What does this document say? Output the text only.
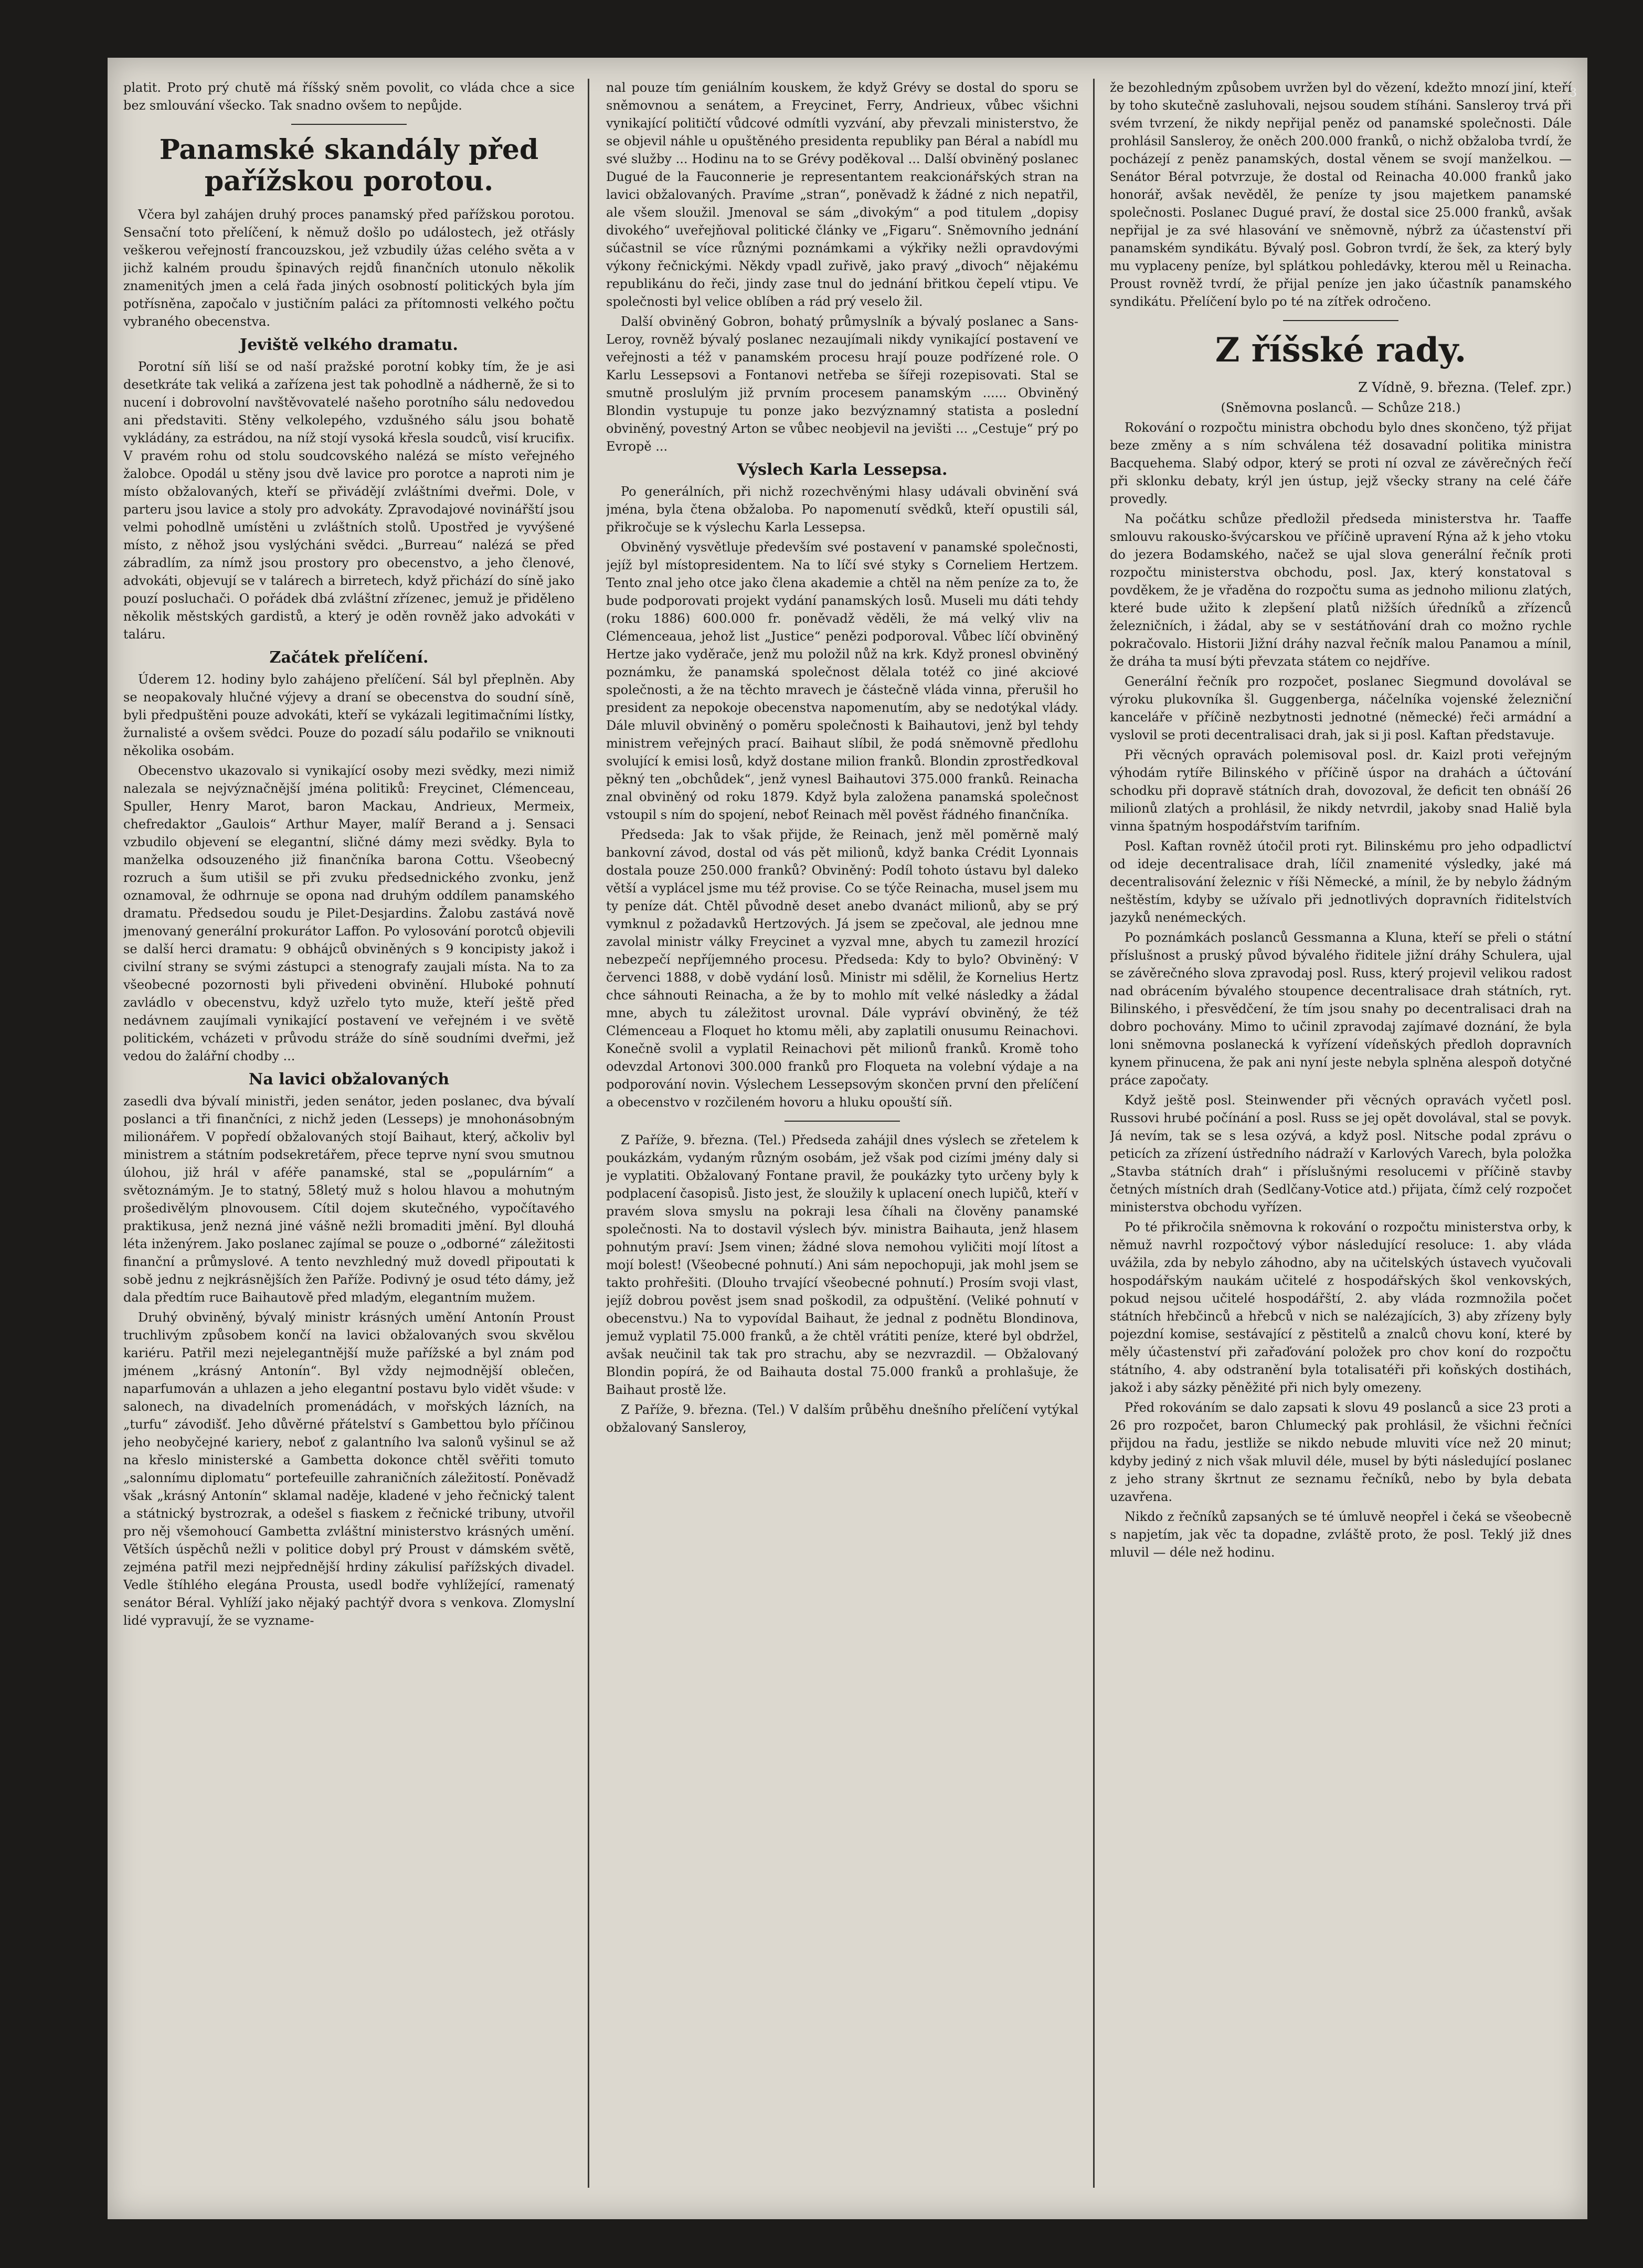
3

platit. Proto prý chutě má říšský sněm povolit, co vláda chce a sice bez smlouvání všecko. Tak snadno ovšem to nepůjde.

Panamské skandály před pařížskou porotou.

Včera byl zahájen druhý proces panamský před pařížskou porotou. Sensační toto přelíčení, k němuž došlo po událostech, jež otřásly veškerou veřejností francouzskou, jež vzbudily úžas celého světa a v jichž kalném proudu špinavých rejdů finančních utonulo několik znamenitých jmen a celá řada jiných osobností politických byla jím potřísněna, započalo v justičním paláci za přítomnosti velkého počtu vybraného obecenstva.

Jeviště velkého dramatu.

Porotní síň liší se od naší pražské porotní kobky tím, že je asi desetkráte tak veliká a zařízena jest tak pohodlně a nádherně, že si to nucení i dobrovolní navštěvovatelé našeho porotního sálu nedovedou ani představiti. Stěny velkolepého, vzdušného sálu jsou bohatě vykládány, za estrádou, na níž stojí vysoká křesla soudců, visí krucifix. V pravém rohu od stolu soudcovského nalézá se místo veřejného žalobce. Opodál u stěny jsou dvě lavice pro porotce a naproti nim je místo obžalovaných, kteří se přivádějí zvláštními dveřmi. Dole, v parteru jsou lavice a stoly pro advokáty. Zpravodajové novinářští jsou velmi pohodlně umístěni u zvláštních stolů. Upostřed je vyvýšené místo, z něhož jsou vyslýcháni svědci. „Burreau“ nalézá se před zábradlím, za nímž jsou prostory pro obecenstvo, a jeho členové, advokáti, objevují se v talárech a birretech, když přichází do síně jako pouzí posluchači. O pořádek dbá zvláštní zřízenec, jemuž je přiděleno několik městských gardistů, a který je oděn rovněž jako advokáti v taláru.

Začátek přelíčení.

Úderem 12. hodiny bylo zahájeno přelíčení. Sál byl přeplněn. Aby se neopakovaly hlučné výjevy a draní se obecenstva do soudní síně, byli předpuštěni pouze advokáti, kteří se vykázali legitimačními lístky, žurnalisté a ovšem svědci. Pouze do pozadí sálu podařilo se vniknouti několika osobám.

Obecenstvo ukazovalo si vynikající osoby mezi svědky, mezi nimiž nalezala se nejvýznačnější jména politiků: Freycinet, Clémenceau, Spuller, Henry Marot, baron Mackau, Andrieux, Mermeix, chefredaktor „Gaulois“ Arthur Mayer, malíř Berand a j. Sensaci vzbudilo objevení se elegantní, sličné dámy mezi svědky. Byla to manželka odsouzeného již finančníka barona Cottu. Všeobecný rozruch a šum utišil se při zvuku předsednického zvonku, jenž oznamoval, že odhrnuje se opona nad druhým oddílem panamského dramatu. Předsedou soudu je Pilet-Desjardins. Žalobu zastává nově jmenovaný generální prokurátor Laffon. Po vylosování porotců objevili se další herci dramatu: 9 obhájců obviněných s 9 koncipisty jakož i civilní strany se svými zástupci a stenografy zaujali místa. Na to za všeobecné pozornosti byli přivedeni obvinění. Hluboké pohnutí zavládlo v obecenstvu, když uzřelo tyto muže, kteří ještě před nedávnem zaujímali vynikající postavení ve veřejném i ve světě politickém, vcházeti v průvodu stráže do síně soudními dveřmi, jež vedou do žalářní chodby ...

Na lavici obžalovaných

zasedli dva bývalí ministři, jeden senátor, jeden poslanec, dva bývalí poslanci a tři finančníci, z nichž jeden (Lesseps) je mnohonásobným milionářem. V popředí obžalovaných stojí Baihaut, který, ačkoliv byl ministrem a státním podsekretářem, přece teprve nyní svou smutnou úlohou, již hrál v aféře panamské, stal se „populárním“ a světoznámým. Je to statný, 58letý muž s holou hlavou a mohutným prošedivělým plnovousem. Cítil dojem skutečného, vypočítavého praktikusa, jenž nezná jiné vášně nežli bromaditi jmění. Byl dlouhá léta inženýrem. Jako poslanec zajímal se pouze o „odborné“ záležitosti finanční a průmyslové. A tento nevzhledný muž dovedl připoutati k sobě jednu z nejkrásnějších žen Paříže. Podivný je osud této dámy, jež dala předtím ruce Baihautově před mladým, elegantním mužem.

Druhý obviněný, bývalý ministr krásných umění Antonín Proust truchlivým způsobem končí na lavici obžalovaných svou skvělou kariéru. Patřil mezi nejelegantnější muže pařížské a byl znám pod jménem „krásný Antonín“. Byl vždy nejmodnější oblečen, naparfumován a uhlazen a jeho elegantní postavu bylo vidět všude: v salonech, na divadelních promenádách, v mořských lázních, na „turfu“ závodišť. Jeho důvěrné přátelství s Gambettou bylo příčinou jeho neobyčejné kariery, neboť z galantního lva salonů vyšinul se až na křeslo ministerské a Gambetta dokonce chtěl svěřiti tomuto „salonnímu diplomatu“ portefeuille zahraničních záležitostí. Poněvadž však „krásný Antonín“ sklamal naděje, kladené v jeho řečnický talent a státnický bystrozrak, a odešel s fiaskem z řečnické tribuny, utvořil pro něj všemohoucí Gambetta zvláštní ministerstvo krásných umění. Větších úspěchů nežli v politice dobyl prý Proust v dámském světě, zejména patřil mezi nejpřednější hrdiny zákulisí pařížských divadel. Vedle štíhlého elegána Prousta, usedl bodře vyhlížející, ramenatý senátor Béral. Vyhlíží jako nějaký pachtýř dvora s venkova. Zlomyslní lidé vypravují, že se vyzname-

nal pouze tím geniálním kouskem, že když Grévy se dostal do sporu se sněmovnou a senátem, a Freycinet, Ferry, Andrieux, vůbec všichni vynikající političtí vůdcové odmítli vyzvání, aby převzali ministerstvo, že se objevil náhle u opuštěného presidenta republiky pan Béral a nabídl mu své služby ... Hodinu na to se Grévy poděkoval ... Další obviněný poslanec Dugué de la Fauconnerie je representantem reakcionářských stran na lavici obžalovaných. Pravíme „stran“, poněvadž k žádné z nich nepatřil, ale všem sloužil. Jmenoval se sám „divokým“ a pod titulem „dopisy divokého“ uveřejňoval politické články ve „Figaru“. Sněmovního jednání súčastnil se více různými poznámkami a výkřiky nežli opravdovými výkony řečnickými. Někdy vpadl zuřivě, jako pravý „divoch“ nějakému republikánu do řeči, jindy zase tnul do jednání břitkou čepelí vtipu. Ve společnosti byl velice oblíben a rád prý veselo žil.

Další obviněný Gobron, bohatý průmyslník a bývalý poslanec a Sans-Leroy, rovněž bývalý poslanec nezaujímali nikdy vynikající postavení ve veřejnosti a též v panamském procesu hrají pouze podřízené role. O Karlu Lessepsovi a Fontanovi netřeba se šířeji rozepisovati. Stal se smutně proslulým již prvním procesem panamským ...... Obviněný Blondin vystupuje tu ponze jako bezvýznamný statista a poslední obviněný, povestný Arton se vůbec neobjevil na jevišti ... „Cestuje“ prý po Evropě ...

Výslech Karla Lessepsa.

Po generálních, při nichž rozechvěnými hlasy udávali obvinění svá jména, byla čtena obžaloba. Po napomenutí svědků, kteří opustili sál, přikročuje se k výslechu Karla Lessepsa.

Obviněný vysvětluje především své postavení v panamské společnosti, jejíž byl místopresidentem. Na to líčí své styky s Corneliem Hertzem. Tento znal jeho otce jako člena akademie a chtěl na něm peníze za to, že bude podporovati projekt vydání panamských losů. Museli mu dáti tehdy (roku 1886) 600.000 fr. poněvadž věděli, že má velký vliv na Clémenceaua, jehož list „Justice“ penězi podporoval. Vůbec líčí obviněný Hertze jako vyděrače, jenž mu položil nůž na krk. Když pronesl obviněný poznámku, že panamská společnost dělala totéž co jiné akciové společnosti, a že na těchto mravech je částečně vláda vinna, přerušil ho president za nepokoje obecenstva napomenutím, aby se nedotýkal vlády. Dále mluvil obviněný o poměru společnosti k Baihautovi, jenž byl tehdy ministrem veřejných prací. Baihaut slíbil, že podá sněmovně předlohu svolující k emisi losů, když dostane milion franků. Blondin zprostředkoval pěkný ten „obchůdek“, jenž vynesl Baihautovi 375.000 franků. Reinacha znal obviněný od roku 1879. Když byla založena panamská společnost vstoupil s ním do spojení, neboť Reinach měl pověst řádného finančníka.

Předseda: Jak to však přijde, že Reinach, jenž měl poměrně malý bankovní závod, dostal od vás pět milionů, když banka Crédit Lyonnais dostala pouze 250.000 franků? Obviněný: Podíl tohoto ústavu byl daleko větší a vyplácel jsme mu též provise. Co se týče Reinacha, musel jsem mu ty peníze dát. Chtěl původně deset anebo dvanáct milionů, aby se prý vymknul z požadavků Hertzových. Já jsem se zpečoval, ale jednou mne zavolal ministr války Freycinet a vyzval mne, abych tu zamezil hrozící nebezpečí nepříjemného procesu. Předseda: Kdy to bylo? Obviněný: V červenci 1888, v době vydání losů. Ministr mi sdělil, že Kornelius Hertz chce sáhnouti Reinacha, a že by to mohlo mít velké následky a žádal mne, abych tu záležitost urovnal. Dále vypráví obviněný, že též Clémenceau a Floquet ho ktomu měli, aby zaplatili onusumu Reinachovi. Konečně svolil a vyplatil Reinachovi pět milionů franků. Kromě toho odevzdal Artonovi 300.000 franků pro Floqueta na volební výdaje a na podporování novin. Výslechem Lessepsovým skončen první den přelíčení a obecenstvo v rozčileném hovoru a hluku opouští síň.

Z Paříže, 9. března. (Tel.) Předseda zahájil dnes výslech se zřetelem k poukázkám, vydaným různým osobám, jež však pod cizími jmény daly si je vyplatiti. Obžalovaný Fontane pravil, že poukázky tyto určeny byly k podplacení časopisů. Jisto jest, že sloužily k uplacení onech lupičů, kteří v pravém slova smyslu na pokraji lesa číhali na člověny panamské společnosti. Na to dostavil výslech býv. ministra Baihauta, jenž hlasem pohnutým praví: Jsem vinen; žádné slova nemohou vyličiti mojí lítost a mojí bolest! (Všeobecné pohnutí.) Ani sám nepochopuji, jak mohl jsem se takto prohřešiti. (Dlouho trvající všeobecné pohnutí.) Prosím svoji vlast, jejíž dobrou pověst jsem snad poškodil, za odpuštění. (Veliké pohnutí v obecenstvu.) Na to vypovídal Baihaut, že jednal z podnětu Blondinova, jemuž vyplatil 75.000 franků, a že chtěl vrátiti peníze, které byl obdržel, avšak neučinil tak tak pro strachu, aby se nezvrazdil. — Obžalovaný Blondin popírá, že od Baihauta dostal 75.000 franků a prohlašuje, že Baihaut prostě lže.

Z Paříže, 9. března. (Tel.) V dalším průběhu dnešního přelíčení vytýkal obžalovaný Sansleroy,

že bezohledným způsobem uvržen byl do vězení, kdežto mnozí jiní, kteří by toho skutečně zasluhovali, nejsou soudem stíháni. Sansleroy trvá při svém tvrzení, že nikdy nepřijal peněz od panamské společnosti. Dále prohlásil Sansleroy, že oněch 200.000 franků, o nichž obžaloba tvrdí, že pocházejí z peněz panamských, dostal věnem se svojí manželkou. — Senátor Béral potvrzuje, že dostal od Reinacha 40.000 franků jako honorář, avšak nevěděl, že peníze ty jsou majetkem panamské společnosti. Poslanec Dugué praví, že dostal sice 25.000 franků, avšak nepřijal je za své hlasování ve sněmovně, nýbrž za účastenství při panamském syndikátu. Bývalý posl. Gobron tvrdí, že šek, za který byly mu vyplaceny peníze, byl splátkou pohledávky, kterou měl u Reinacha. Proust rovněž tvrdí, že přijal peníze jen jako účastník panamského syndikátu. Přelíčení bylo po té na zítřek odročeno.

Z říšské rady.

Z Vídně, 9. března. (Telef. zpr.)

(Sněmovna poslanců. — Schůze 218.)

Rokování o rozpočtu ministra obchodu bylo dnes skončeno, týž přijat beze změny a s ním schválena též dosavadní politika ministra Bacquehema. Slabý odpor, který se proti ní ozval ze závěrečných řečí při sklonku debaty, krýl jen ústup, jejž všecky strany na celé čáře provedly.

Na počátku schůze předložil předseda ministerstva hr. Taaffe smlouvu rakousko-švýcarskou ve příčině upravení Rýna až k jeho vtoku do jezera Bodamského, načež se ujal slova generální řečník proti rozpočtu ministerstva obchodu, posl. Jax, který konstatoval s povděkem, že je vřaděna do rozpočtu suma as jednoho milionu zlatých, které bude užito k zlepšení platů nižších úředníků a zřízenců železničních, i žádal, aby se v sestátňování drah co možno rychle pokračovalo. Historii Jižní dráhy nazval řečník malou Panamou a mínil, že dráha ta musí býti převzata státem co nejdříve.

Generální řečník pro rozpočet, poslanec Siegmund dovolával se výroku plukovníka šl. Guggenberga, náčelníka vojenské železniční kanceláře v příčině nezbytnosti jednotné (německé) řeči armádní a vyslovil se proti decentralisaci drah, jak si ji posl. Kaftan představuje.

Při věcných opravách polemisoval posl. dr. Kaizl proti veřejným výhodám rytíře Bilinského v příčině úspor na drahách a účtování schodku při dopravě státních drah, dovozoval, že deficit ten obnáší 26 milionů zlatých a prohlásil, že nikdy netvrdil, jakoby snad Haliě byla vinna špatným hospodářstvím tarifním.

Posl. Kaftan rovněž útočil proti ryt. Bilinskému pro jeho odpadlictví od ideje decentralisace drah, líčil znamenité výsledky, jaké má decentralisování železnic v říši Německé, a mínil, že by nebylo žádným neštěstím, kdyby se užívalo při jednotlivých dopravních řiditelstvích jazyků nenémeckých.

Po poznámkách poslanců Gessmanna a Kluna, kteří se přeli o státní příslušnost a pruský původ bývalého řiditele jižní dráhy Schulera, ujal se závěrečného slova zpravodaj posl. Russ, který projevil velikou radost nad obrácením bývalého stoupence decentralisace drah státních, ryt. Bilinského, i přesvědčení, že tím jsou snahy po decentralisaci drah na dobro pochovány. Mimo to učinil zpravodaj zajímavé doznání, že byla loni sněmovna poslanecká k vyřízení vídeňských předloh dopravních kynem přinucena, že pak ani nyní jeste nebyla splněna alespoň dotyčné práce započaty.

Když ještě posl. Steinwender při věcných opravách vyčetl posl. Russovi hrubé počínání a posl. Russ se jej opět dovolával, stal se povyk. Já nevím, tak se s lesa ozývá, a když posl. Nitsche podal zprávu o peticích za zřízení ústředního nádraží v Karlových Varech, byla položka „Stavba státních drah“ i příslušnými resolucemi v příčině stavby četných místních drah (Sedlčany-Votice atd.) přijata, čímž celý rozpočet ministerstva obchodu vyřízen.

Po té přikročila sněmovna k rokování o rozpočtu ministerstva orby, k němuž navrhl rozpočtový výbor následující resoluce: 1. aby vláda uvážila, zda by nebylo záhodno, aby na učitelských ústavech vyučovali hospodářským naukám učitelé z hospodářských škol venkovských, pokud nejsou učitelé hospodářští, 2. aby vláda rozmnožila počet státních hřebčinců a hřebců v nich se nalézajících, 3) aby zřízeny byly pojezdní komise, sestávající z pěstitelů a znalců chovu koní, které by měly účastenství při zařaďování položek pro chov koní do rozpočtu státního, 4. aby odstranění byla totalisatéři při koňských dostihách, jakož i aby sázky pěněžité při nich byly omezeny.

Před rokováním se dalo zapsati k slovu 49 poslanců a sice 23 proti a 26 pro rozpočet, baron Chlumecký pak prohlásil, že všichni řečníci přijdou na řadu, jestliže se nikdo nebude mluviti více než 20 minut; kdyby jediný z nich však mluvil déle, musel by býti následující poslanec z jeho strany škrtnut ze seznamu řečníků, nebo by byla debata uzavřena.

Nikdo z řečníků zapsaných se té úmluvě neopřel i čeká se všeobecně s napjetím, jak věc ta dopadne, zvláště proto, že posl. Teklý již dnes mluvil — déle než hodinu.
